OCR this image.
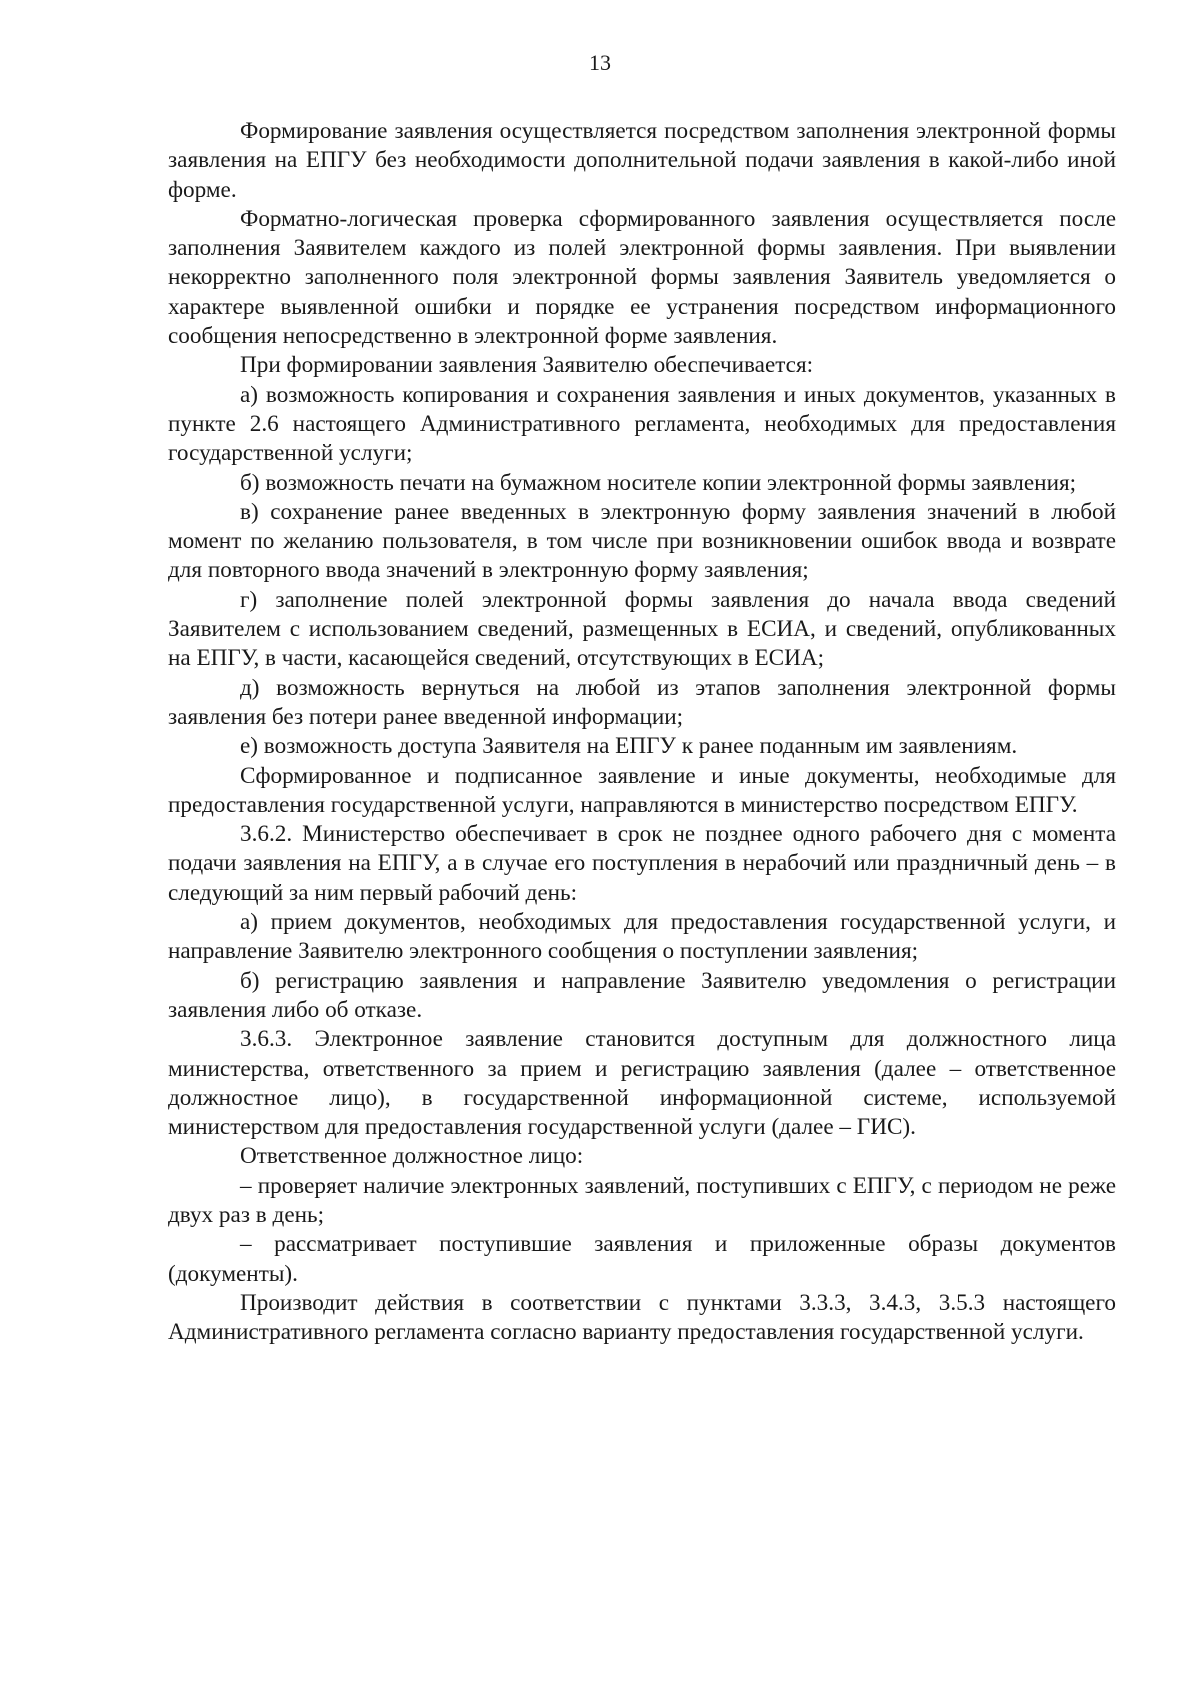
13

Формирование заявления осуществляется посредством заполнения электронной формы заявления на ЕПГУ без необходимости дополнительной подачи заявления в какой-либо иной форме.

Форматно-логическая проверка сформированного заявления осуществляется после заполнения Заявителем каждого из полей электронной формы заявления. При выявлении некорректно заполненного поля электронной формы заявления Заявитель уведомляется о характере выявленной ошибки и порядке ее устранения посредством информационного сообщения непосредственно в электронной форме заявления.

При формировании заявления Заявителю обеспечивается:

а) возможность копирования и сохранения заявления и иных документов, указанных в пункте 2.6 настоящего Административного регламента, необходимых для предоставления государственной услуги;

б) возможность печати на бумажном носителе копии электронной формы заявления;

в) сохранение ранее введенных в электронную форму заявления значений в любой момент по желанию пользователя, в том числе при возникновении ошибок ввода и возврате для повторного ввода значений в электронную форму заявления;

г) заполнение полей электронной формы заявления до начала ввода сведений Заявителем с использованием сведений, размещенных в ЕСИА, и сведений, опубликованных на ЕПГУ, в части, касающейся сведений, отсутствующих в ЕСИА;

д) возможность вернуться на любой из этапов заполнения электронной формы заявления без потери ранее введенной информации;

е) возможность доступа Заявителя на ЕПГУ к ранее поданным им заявлениям.

Сформированное и подписанное заявление и иные документы, необходимые для предоставления государственной услуги, направляются в министерство посредством ЕПГУ.

3.6.2. Министерство обеспечивает в срок не позднее одного рабочего дня с момента подачи заявления на ЕПГУ, а в случае его поступления в нерабочий или праздничный день – в следующий за ним первый рабочий день:

а) прием документов, необходимых для предоставления государственной услуги, и направление Заявителю электронного сообщения о поступлении заявления;

б) регистрацию заявления и направление Заявителю уведомления о регистрации заявления либо об отказе.

3.6.3. Электронное заявление становится доступным для должностного лица министерства, ответственного за прием и регистрацию заявления (далее – ответственное должностное лицо), в государственной информационной системе, используемой министерством для предоставления государственной услуги (далее – ГИС).

Ответственное должностное лицо:

– проверяет наличие электронных заявлений, поступивших с ЕПГУ, с периодом не реже двух раз в день;

– рассматривает поступившие заявления и приложенные образы документов (документы).

Производит действия в соответствии с пунктами 3.3.3, 3.4.3, 3.5.3 настоящего Административного регламента согласно варианту предоставления государственной услуги.
